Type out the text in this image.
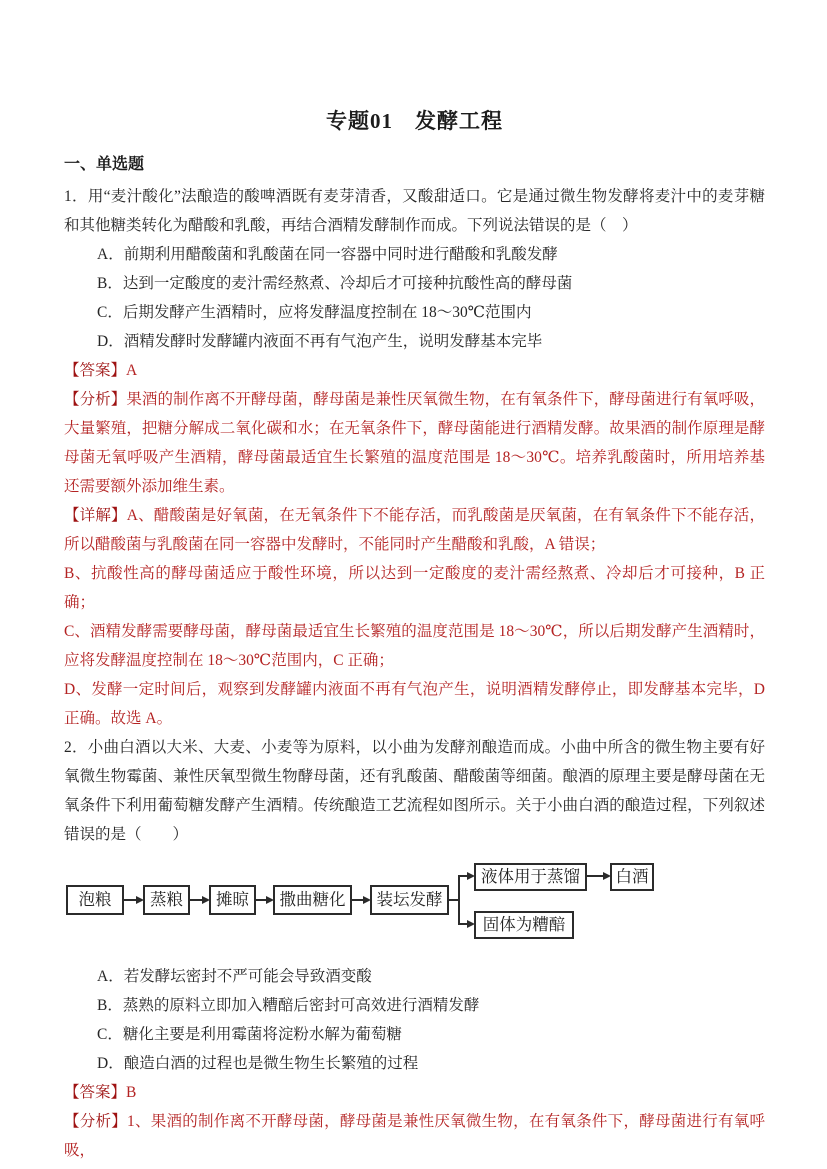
专题01　发酵工程
一、单选题

1．用“麦汁酸化”法酿造的酸啤酒既有麦芽清香，又酸甜适口。它是通过微生物发酵将麦汁中的麦芽糖和其他糖类转化为醋酸和乳酸，再结合酒精发酵制作而成。下列说法错误的是（　）

A．前期利用醋酸菌和乳酸菌在同一容器中同时进行醋酸和乳酸发酵
B．达到一定酸度的麦汁需经熬煮、冷却后才可接种抗酸性高的酵母菌
C．后期发酵产生酒精时，应将发酵温度控制在 18～30℃范围内
D．酒精发酵时发酵罐内液面不再有气泡产生，说明发酵基本完毕

【答案】A

【分析】果酒的制作离不开酵母菌，酵母菌是兼性厌氧微生物，在有氧条件下，酵母菌进行有氧呼吸，大量繁殖，把糖分解成二氧化碳和水；在无氧条件下，酵母菌能进行酒精发酵。故果酒的制作原理是酵母菌无氧呼吸产生酒精，酵母菌最适宜生长繁殖的温度范围是 18～30℃。培养乳酸菌时，所用培养基还需要额外添加维生素。

【详解】A、醋酸菌是好氧菌，在无氧条件下不能存活，而乳酸菌是厌氧菌，在有氧条件下不能存活，所以醋酸菌与乳酸菌在同一容器中发酵时，不能同时产生醋酸和乳酸，A 错误；

B、抗酸性高的酵母菌适应于酸性环境，所以达到一定酸度的麦汁需经熬煮、冷却后才可接种，B 正确；

C、酒精发酵需要酵母菌，酵母菌最适宜生长繁殖的温度范围是 18～30℃，所以后期发酵产生酒精时，应将发酵温度控制在 18～30℃范围内，C 正确；

D、发酵一定时间后，观察到发酵罐内液面不再有气泡产生，说明酒精发酵停止，即发酵基本完毕，D 正确。故选 A。

2．小曲白酒以大米、大麦、小麦等为原料，以小曲为发酵剂酿造而成。小曲中所含的微生物主要有好氧微生物霉菌、兼性厌氧型微生物酵母菌，还有乳酸菌、醋酸菌等细菌。酿酒的原理主要是酵母菌在无氧条件下利用葡萄糖发酵产生酒精。传统酿造工艺流程如图所示。关于小曲白酒的酿造过程，下列叙述错误的是（　　）

泡粮	蒸粮	摊晾	撒曲糖化	装坛发酵
液体用于蒸馏	白酒
固体为糟醅
A．若发酵坛密封不严可能会导致酒变酸
B．蒸熟的原料立即加入糟醅后密封可高效进行酒精发酵
C．糖化主要是利用霉菌将淀粉水解为葡萄糖
D．酿造白酒的过程也是微生物生长繁殖的过程

【答案】B

【分析】1、果酒的制作离不开酵母菌，酵母菌是兼性厌氧微生物，在有氧条件下，酵母菌进行有氧呼吸，
